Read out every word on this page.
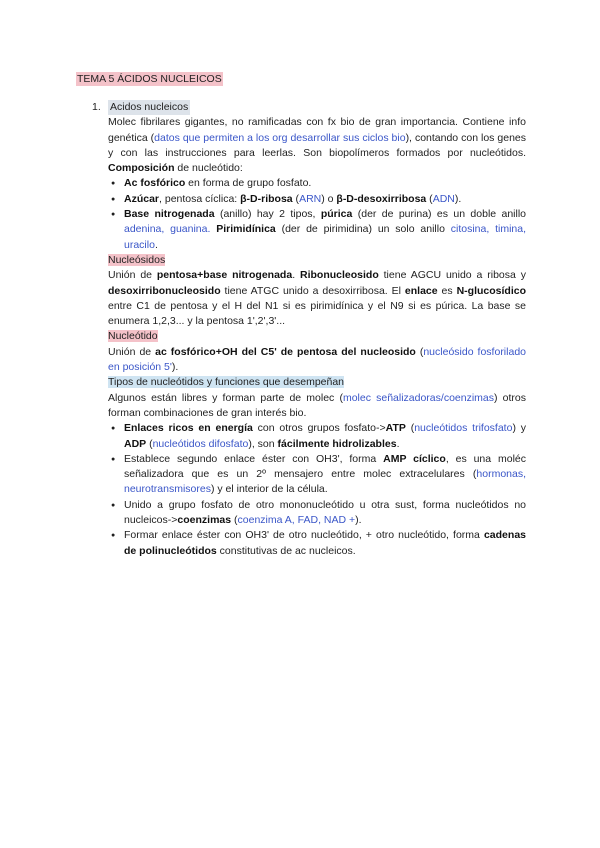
TEMA 5 ÁCIDOS NUCLEICOS
1. Acidos nucleicos

Molec fibrilares gigantes, no ramificadas con fx bio de gran importancia. Contiene info genética (datos que permiten a los org desarrollar sus ciclos bio), contando con los genes y con las instrucciones para leerlas. Son biopolímeros formados por nucleótidos. Composición de nucleótido:

● Ac fosfórico en forma de grupo fosfato.
● Azúcar, pentosa cíclica: β-D-ribosa (ARN) o β-D-desoxirribosa (ADN).
● Base nitrogenada (anillo) hay 2 tipos, púrica (der de purina) es un doble anillo adenina, guanina. Pirimidínica (der de pirimidina) un solo anillo citosina, timina, uracilo.

Nucleósidos

Unión de pentosa+base nitrogenada. Ribonucleosido tiene AGCU unido a ribosa y desoxirribonucleosido tiene ATGC unido a desoxirribosa. El enlace es N-glucosídico entre C1 de pentosa y el H del N1 si es pirimidínica y el N9 si es púrica. La base se enumera 1,2,3... y la pentosa 1',2',3'...

Nucleótido

Unión de ac fosfórico+OH del C5' de pentosa del nucleosido (nucleósido fosforilado en posición 5').

Tipos de nucleótidos y funciones que desempeñan

Algunos están libres y forman parte de molec (molec señalizadoras/coenzimas) otros forman combinaciones de gran interés bio.

● Enlaces ricos en energía con otros grupos fosfato->ATP (nucleótidos trifosfato) y ADP (nucleótidos difosfato), son fácilmente hidrolizables.
● Establece segundo enlace éster con OH3', forma AMP cíclico, es una moléc señalizadora que es un 2º mensajero entre molec extracelulares (hormonas, neurotransmisores) y el interior de la célula.
● Unido a grupo fosfato de otro mononucleótido u otra sust, forma nucleótidos no nucleicos->coenzimas (coenzima A, FAD, NAD +).
● Formar enlace éster con OH3' de otro nucleótido, + otro nucleótido, forma cadenas de polinucleótidos constitutivas de ac nucleicos.
